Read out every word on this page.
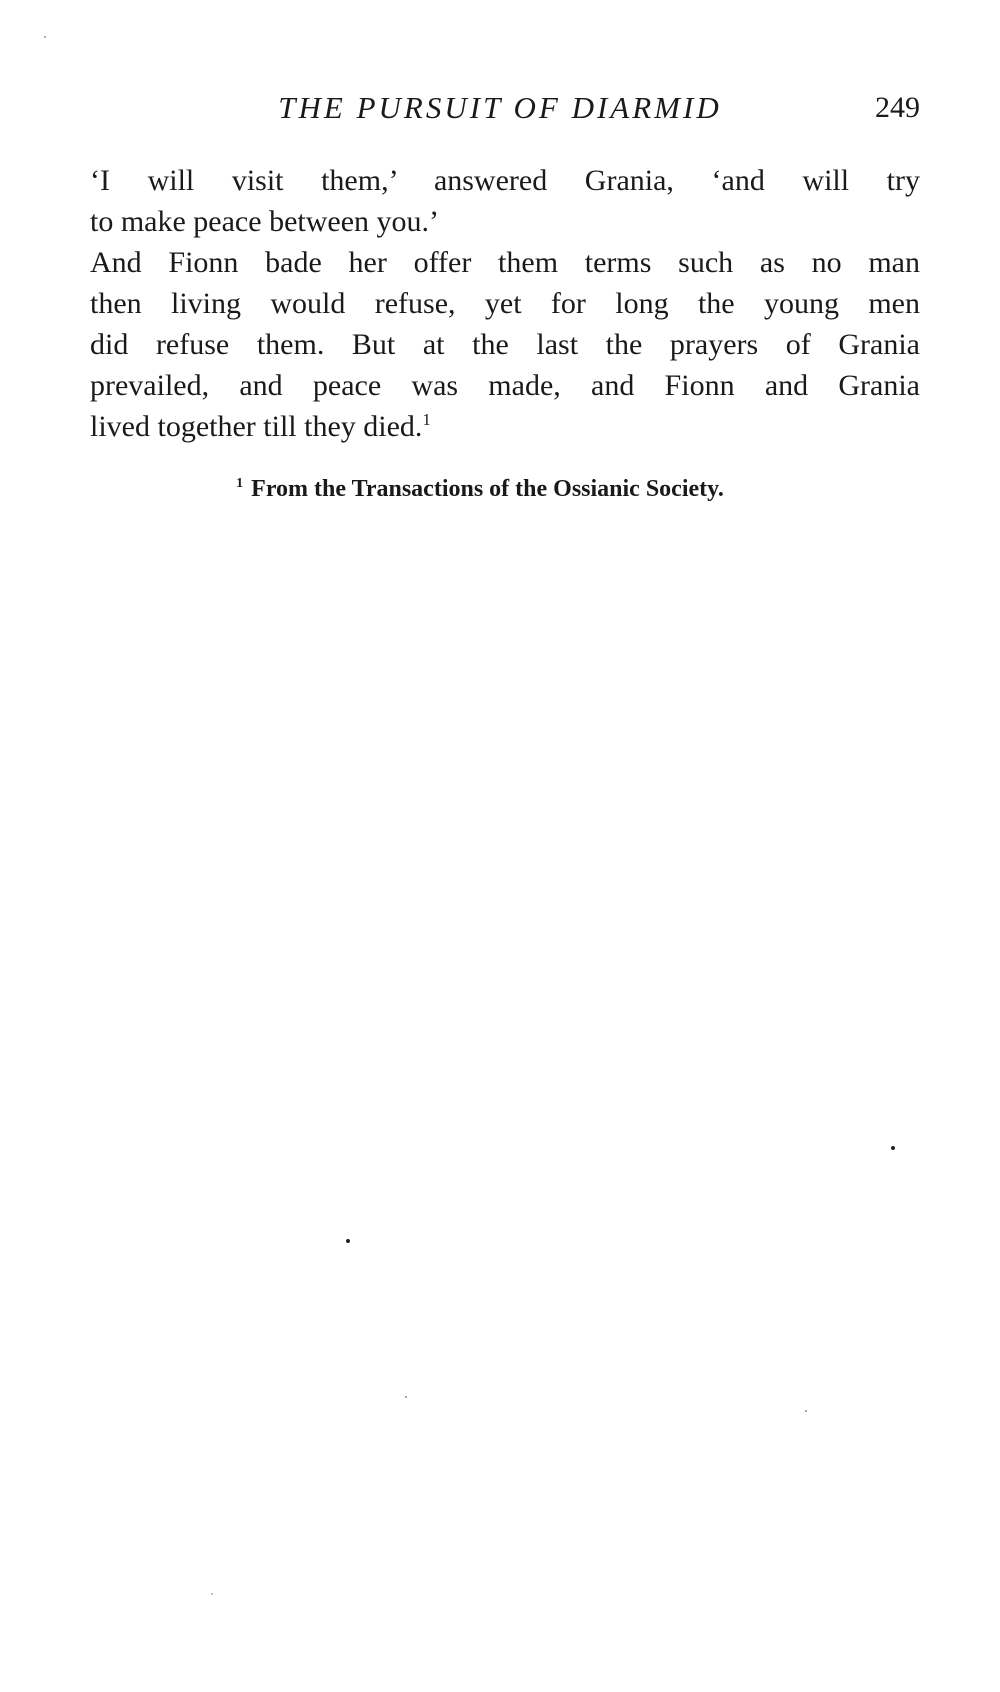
THE PURSUIT OF DIARMID	249

‘I will visit them,’ answered Grania, ‘and will try
to make peace between you.’

And Fionn bade her offer them terms such as no man
then living would refuse, yet for long the young men
did refuse them. But at the last the prayers of Grania
prevailed, and peace was made, and Fionn and Grania
lived together till they died.$^1$

$^1$ From the Transactions of the Ossianic Society.
